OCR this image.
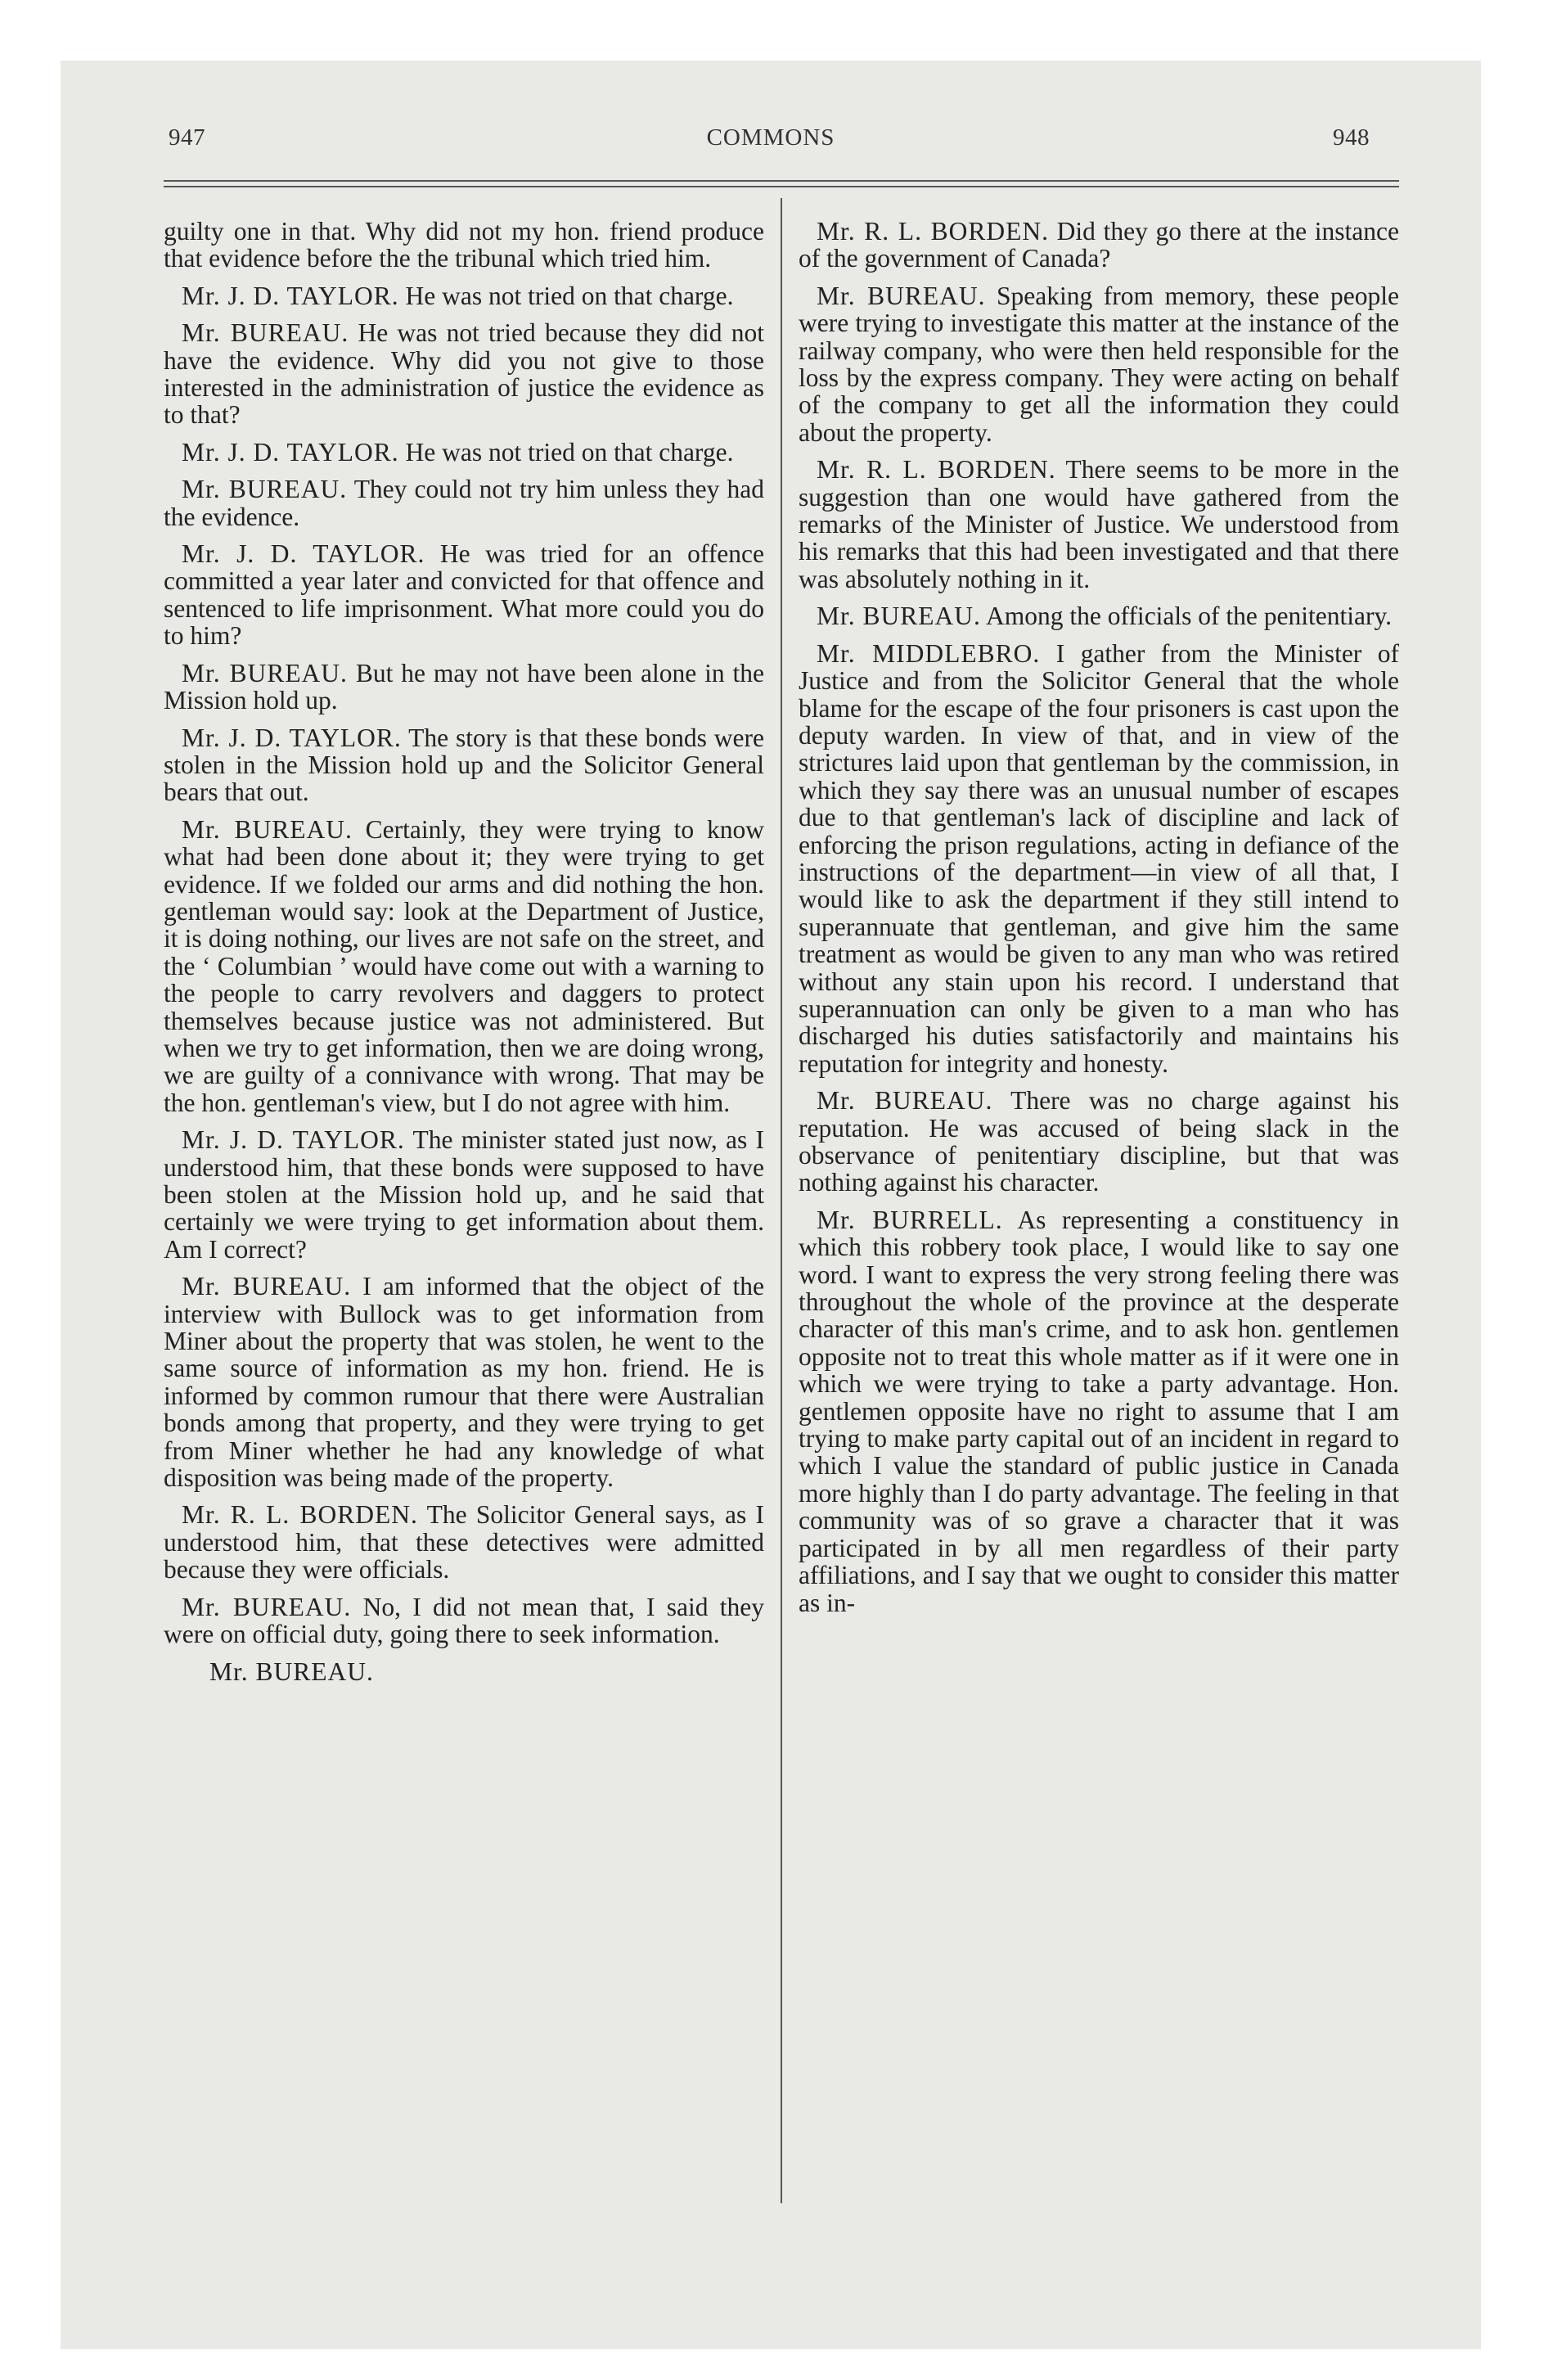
947	COMMONS	948

guilty one in that. Why did not my hon. friend produce that evidence before the the tribunal which tried him.

Mr. J. D. TAYLOR. He was not tried on that charge.

Mr. BUREAU. He was not tried because they did not have the evidence. Why did you not give to those interested in the administration of justice the evidence as to that?

Mr. J. D. TAYLOR. He was not tried on that charge.

Mr. BUREAU. They could not try him unless they had the evidence.

Mr. J. D. TAYLOR. He was tried for an offence committed a year later and convicted for that offence and sentenced to life imprisonment. What more could you do to him?

Mr. BUREAU. But he may not have been alone in the Mission hold up.

Mr. J. D. TAYLOR. The story is that these bonds were stolen in the Mission hold up and the Solicitor General bears that out.

Mr. BUREAU. Certainly, they were trying to know what had been done about it; they were trying to get evidence. If we folded our arms and did nothing the hon. gentleman would say: look at the Department of Justice, it is doing nothing, our lives are not safe on the street, and the ‘ Columbian ’ would have come out with a warning to the people to carry revolvers and daggers to protect themselves because justice was not administered. But when we try to get information, then we are doing wrong, we are guilty of a connivance with wrong. That may be the hon. gentleman's view, but I do not agree with him.

Mr. J. D. TAYLOR. The minister stated just now, as I understood him, that these bonds were supposed to have been stolen at the Mission hold up, and he said that certainly we were trying to get information about them. Am I correct?

Mr. BUREAU. I am informed that the object of the interview with Bullock was to get information from Miner about the property that was stolen, he went to the same source of information as my hon. friend. He is informed by common rumour that there were Australian bonds among that property, and they were trying to get from Miner whether he had any knowledge of what disposition was being made of the property.

Mr. R. L. BORDEN. The Solicitor General says, as I understood him, that these detectives were admitted because they were officials.

Mr. BUREAU. No, I did not mean that, I said they were on official duty, going there to seek information.

Mr. BUREAU.

Mr. R. L. BORDEN. Did they go there at the instance of the government of Canada?

Mr. BUREAU. Speaking from memory, these people were trying to investigate this matter at the instance of the railway company, who were then held responsible for the loss by the express company. They were acting on behalf of the company to get all the information they could about the property.

Mr. R. L. BORDEN. There seems to be more in the suggestion than one would have gathered from the remarks of the Minister of Justice. We understood from his remarks that this had been investigated and that there was absolutely nothing in it.

Mr. BUREAU. Among the officials of the penitentiary.

Mr. MIDDLEBRO. I gather from the Minister of Justice and from the Solicitor General that the whole blame for the escape of the four prisoners is cast upon the deputy warden. In view of that, and in view of the strictures laid upon that gentleman by the commission, in which they say there was an unusual number of escapes due to that gentleman's lack of discipline and lack of enforcing the prison regulations, acting in defiance of the instructions of the department—in view of all that, I would like to ask the department if they still intend to superannuate that gentleman, and give him the same treatment as would be given to any man who was retired without any stain upon his record. I understand that superannuation can only be given to a man who has discharged his duties satisfactorily and maintains his reputation for integrity and honesty.

Mr. BUREAU. There was no charge against his reputation. He was accused of being slack in the observance of penitentiary discipline, but that was nothing against his character.

Mr. BURRELL. As representing a constituency in which this robbery took place, I would like to say one word. I want to express the very strong feeling there was throughout the whole of the province at the desperate character of this man's crime, and to ask hon. gentlemen opposite not to treat this whole matter as if it were one in which we were trying to take a party advantage. Hon. gentlemen opposite have no right to assume that I am trying to make party capital out of an incident in regard to which I value the standard of public justice in Canada more highly than I do party advantage. The feeling in that community was of so grave a character that it was participated in by all men regardless of their party affiliations, and I say that we ought to consider this matter as in-
